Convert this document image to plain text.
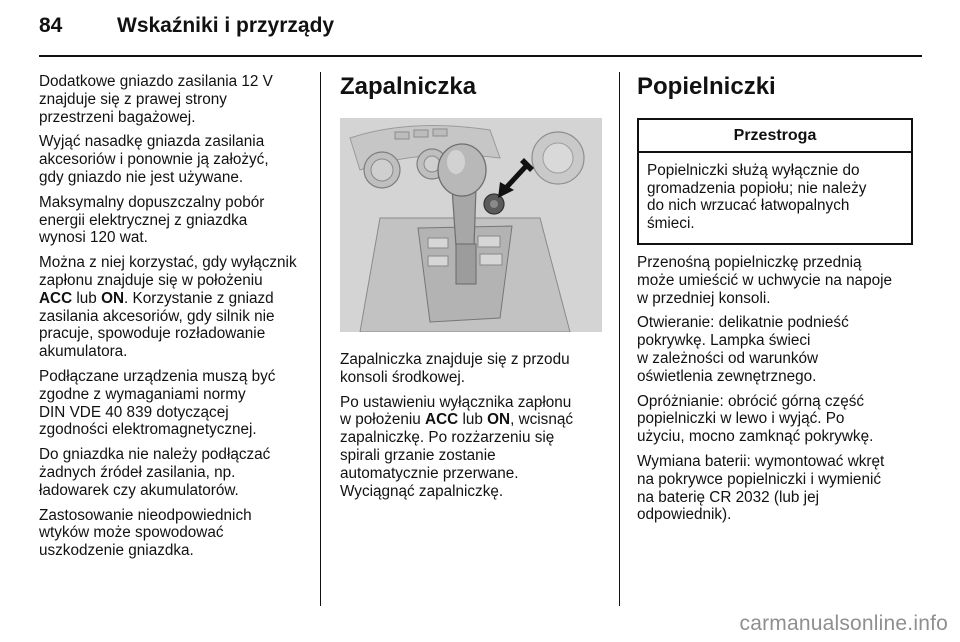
84	Wskaźniki i przyrządy

Dodatkowe gniazdo zasilania 12 V
znajduje się z prawej strony
przestrzeni bagażowej.

Wyjąć nasadkę gniazda zasilania
akcesoriów i ponownie ją założyć,
gdy gniazdo nie jest używane.

Maksymalny dopuszczalny pobór
energii elektrycznej z gniazdka
wynosi 120 wat.

Można z niej korzystać, gdy wyłącznik
zapłonu znajduje się w położeniu
ACC lub ON. Korzystanie z gniazd
zasilania akcesoriów, gdy silnik nie
pracuje, spowoduje rozładowanie
akumulatora.

Podłączane urządzenia muszą być
zgodne z wymaganiami normy
DIN VDE 40 839 dotyczącej
zgodności elektromagnetycznej.

Do gniazdka nie należy podłączać
żadnych źródeł zasilania, np.
ładowarek czy akumulatorów.

Zastosowanie nieodpowiednich
wtyków może spowodować
uszkodzenie gniazdka.

Zapalniczka

Zapalniczka znajduje się z przodu
konsoli środkowej.

Po ustawieniu wyłącznika zapłonu
w położeniu ACC lub ON, wcisnąć
zapalniczkę. Po rozżarzeniu się
spirali grzanie zostanie
automatycznie przerwane.
Wyciągnąć zapalniczkę.

Popielniczki
Przestroga
Popielniczki służą wyłącznie do
gromadzenia popiołu; nie należy
do nich wrzucać łatwopalnych
śmieci.

Przenośną popielniczkę przednią
może umieścić w uchwycie na napoje
w przedniej konsoli.

Otwieranie: delikatnie podnieść
pokrywkę. Lampka świeci
w zależności od warunków
oświetlenia zewnętrznego.

Opróżnianie: obrócić górną część
popielniczki w lewo i wyjąć. Po
użyciu, mocno zamknąć pokrywkę.

Wymiana baterii: wymontować wkręt
na pokrywce popielniczki i wymienić
na baterię CR 2032 (lub jej
odpowiednik).

carmanualsonline.info
